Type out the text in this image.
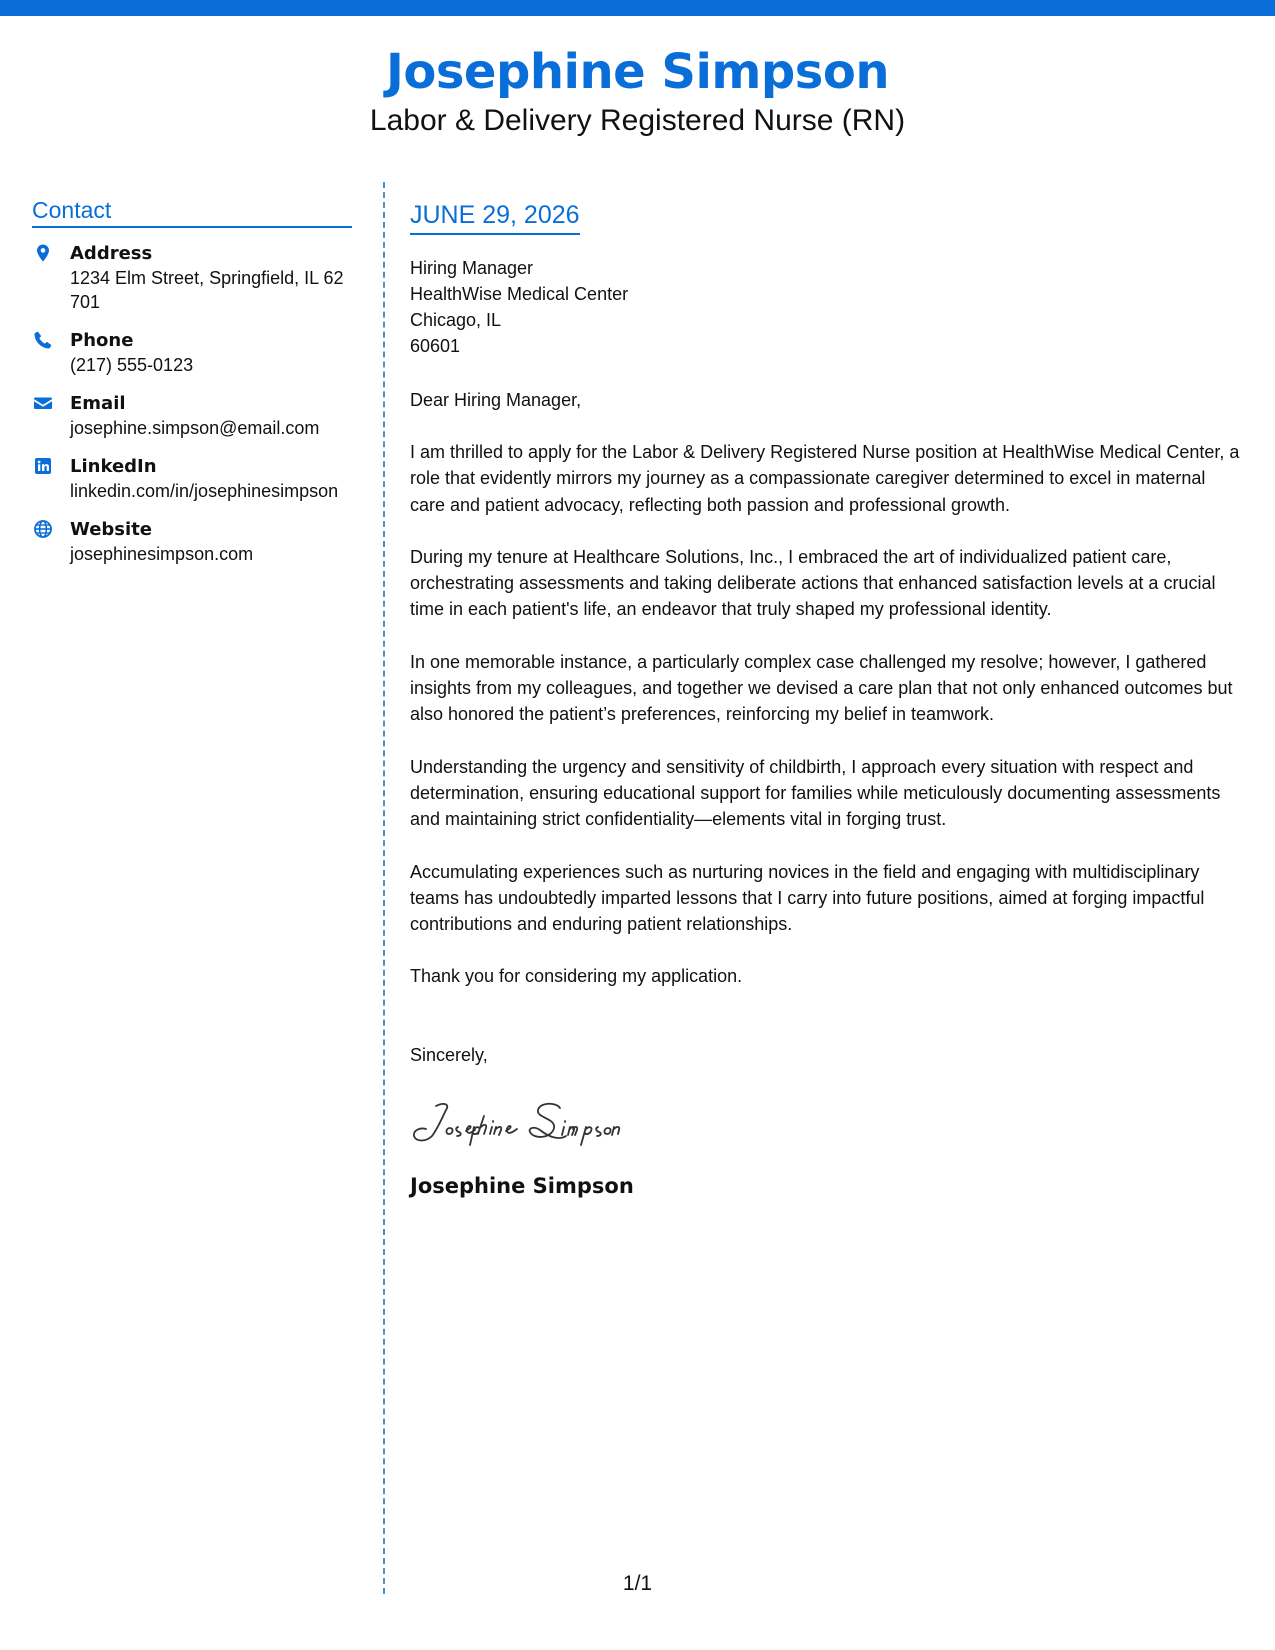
Josephine Simpson
Labor & Delivery Registered Nurse (RN)
Contact
Address
1234 Elm Street, Springfield, IL 62701
Phone
(217) 555-0123
Email
josephine.simpson@email.com
LinkedIn
linkedin.com/in/josephinesimpson
Website
josephinesimpson.com
JUNE 29, 2026
Hiring Manager
HealthWise Medical Center
Chicago, IL
60601
Dear Hiring Manager,
I am thrilled to apply for the Labor & Delivery Registered Nurse position at HealthWise Medical Center, a role that evidently mirrors my journey as a compassionate caregiver determined to excel in maternal care and patient advocacy, reflecting both passion and professional growth.
During my tenure at Healthcare Solutions, Inc., I embraced the art of individualized patient care, orchestrating assessments and taking deliberate actions that enhanced satisfaction levels at a crucial time in each patient's life, an endeavor that truly shaped my professional identity.
In one memorable instance, a particularly complex case challenged my resolve; however, I gathered insights from my colleagues, and together we devised a care plan that not only enhanced outcomes but also honored the patient’s preferences, reinforcing my belief in teamwork.
Understanding the urgency and sensitivity of childbirth, I approach every situation with respect and determination, ensuring educational support for families while meticulously documenting assessments and maintaining strict confidentiality—elements vital in forging trust.
Accumulating experiences such as nurturing novices in the field and engaging with multidisciplinary teams has undoubtedly imparted lessons that I carry into future positions, aimed at forging impactful contributions and enduring patient relationships.
Thank you for considering my application.
Sincerely,
Josephine Simpson
1/1
